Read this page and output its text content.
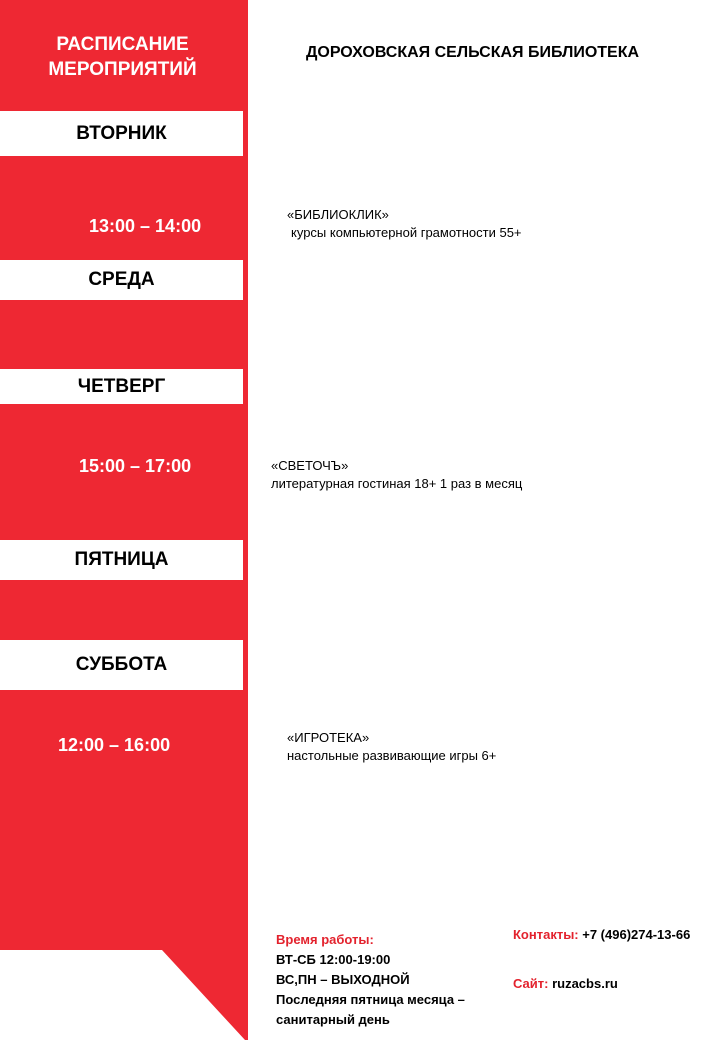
РАСПИСАНИЕ МЕРОПРИЯТИЙ
ДОРОХОВСКАЯ СЕЛЬСКАЯ БИБЛИОТЕКА
ВТОРНИК
СРЕДА
ЧЕТВЕРГ
ПЯТНИЦА
СУББОТА
13:00 – 14:00
15:00 – 17:00
12:00 – 16:00
«БИБЛИОКЛИК»
курсы компьютерной грамотности 55+
«СВЕТОЧЪ»
литературная гостиная 18+ 1 раз в месяц
«ИГРОТЕКА»
настольные развивающие игры 6+
Время работы:
ВТ-СБ 12:00-19:00
ВС,ПН – ВЫХОДНОЙ
Последняя пятница месяца –
санитарный день
Контакты: +7 (496)274-13-66
Сайт: ruzacbs.ru
